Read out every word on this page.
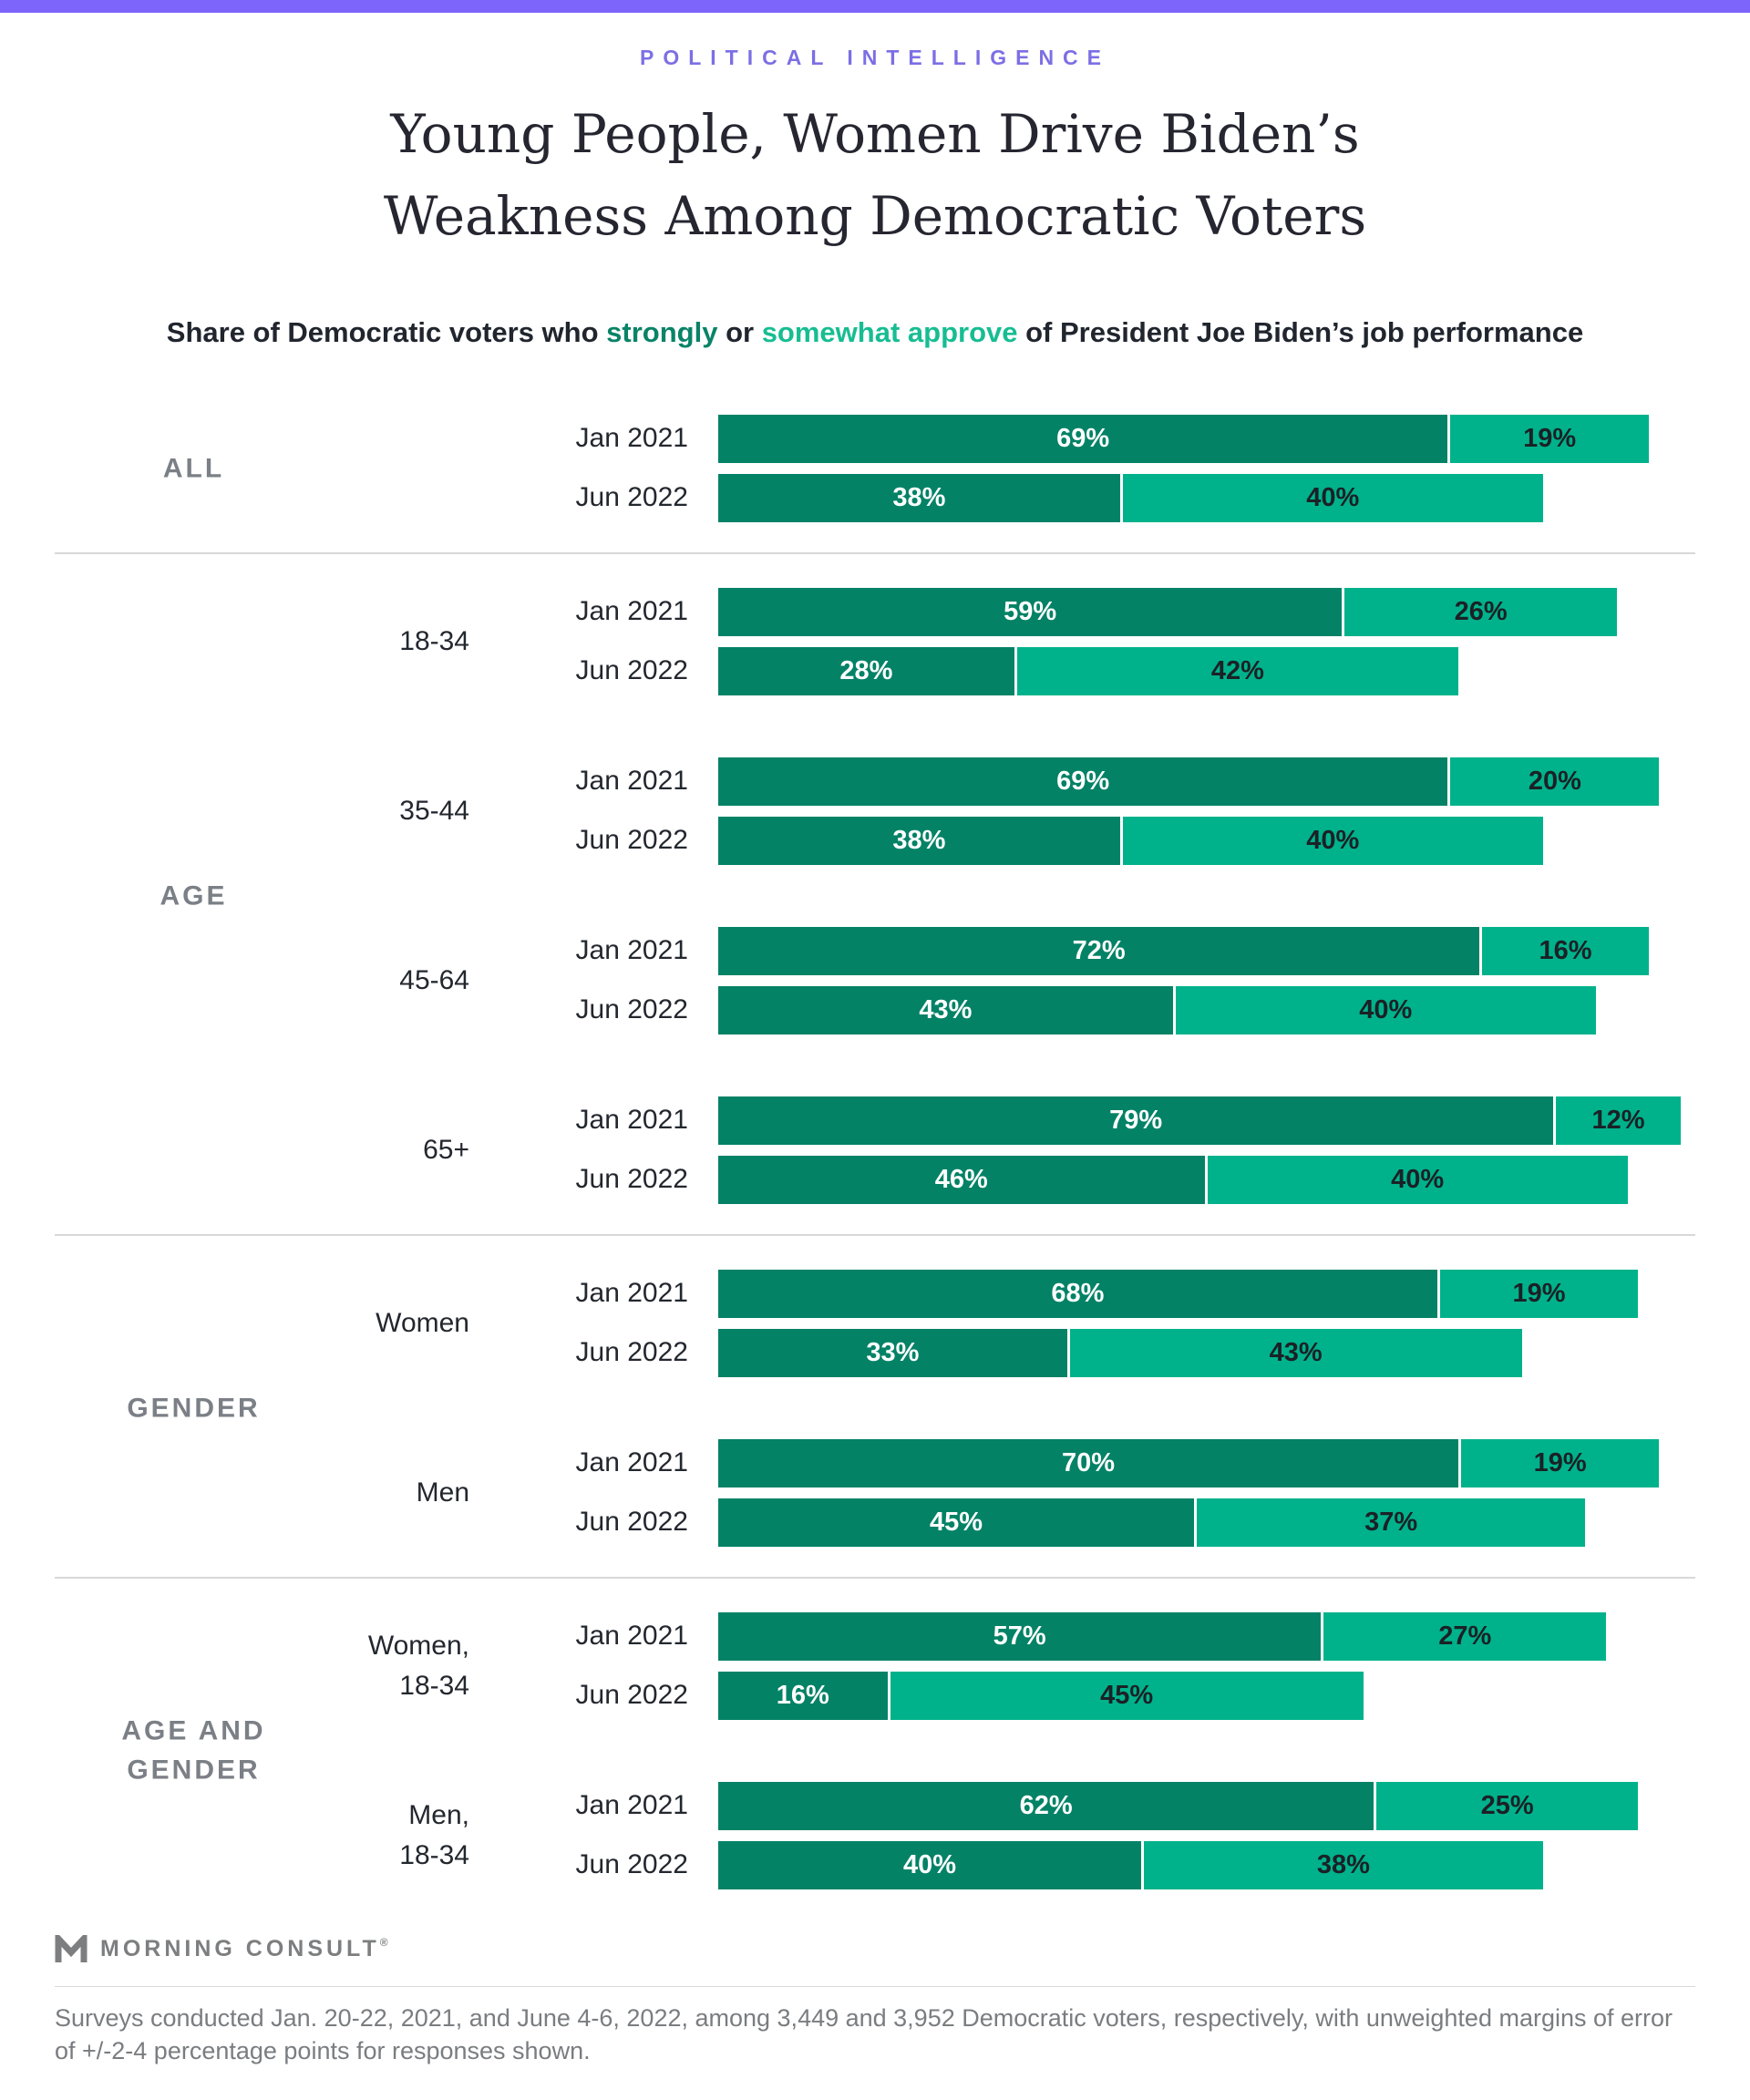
POLITICAL INTELLIGENCE
Young People, Women Drive Biden’s
Weakness Among Democratic Voters
Share of Democratic voters who strongly or somewhat approve of President Joe Biden’s job performance
ALL
Jan 2021	69%	19%
Jun 2022	38%	40%
AGE
18-34
Jan 2021	59%	26%
Jun 2022	28%	42%
35-44
Jan 2021	69%	20%
Jun 2022	38%	40%
45-64
Jan 2021	72%	16%
Jun 2022	43%	40%
65+
Jan 2021	79%	12%
Jun 2022	46%	40%
GENDER
Women
Jan 2021	68%	19%
Jun 2022	33%	43%
Men
Jan 2021	70%	19%
Jun 2022	45%	37%
AGE AND
GENDER
Women,
18-34
Jan 2021	57%	27%
Jun 2022	16%	45%
Men,
18-34
Jan 2021	62%	25%
Jun 2022	40%	38%
MORNING CONSULT®
Surveys conducted Jan. 20-22, 2021, and June 4-6, 2022, among 3,449 and 3,952 Democratic voters, respectively, with unweighted margins of error
of +/-2-4 percentage points for responses shown.
